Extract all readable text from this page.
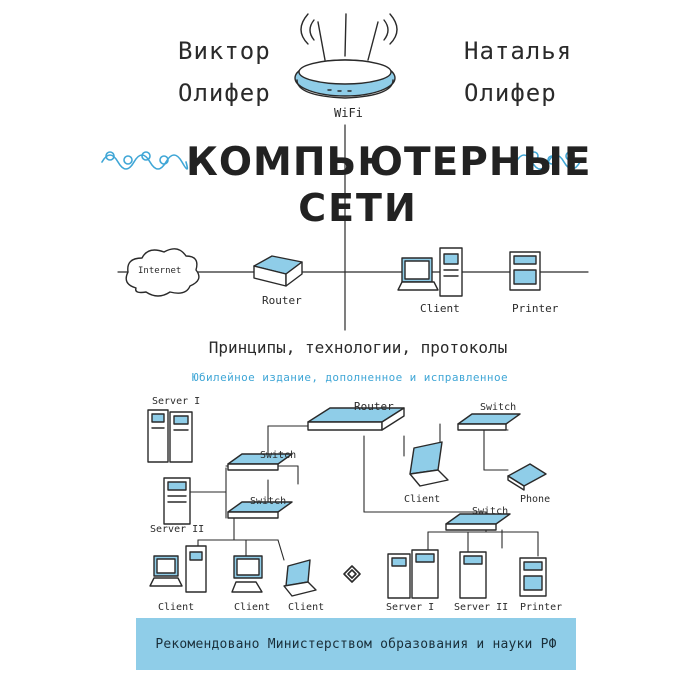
Виктор
Олифер
Наталья
Олифер
WiFi
КОМПЬЮТЕРНЫЕ
СЕТИ
Internet
Router
Client	Printer
Принципы, технологии, протоколы
Юбилейное издание, дополненное и исправленное
Server I	Router	Switch
Switch
Switch
Switch
Client	Phone
Server II
Client	Client Client	Server I Server II Printer
Рекомендовано Министерством образования и науки РФ
